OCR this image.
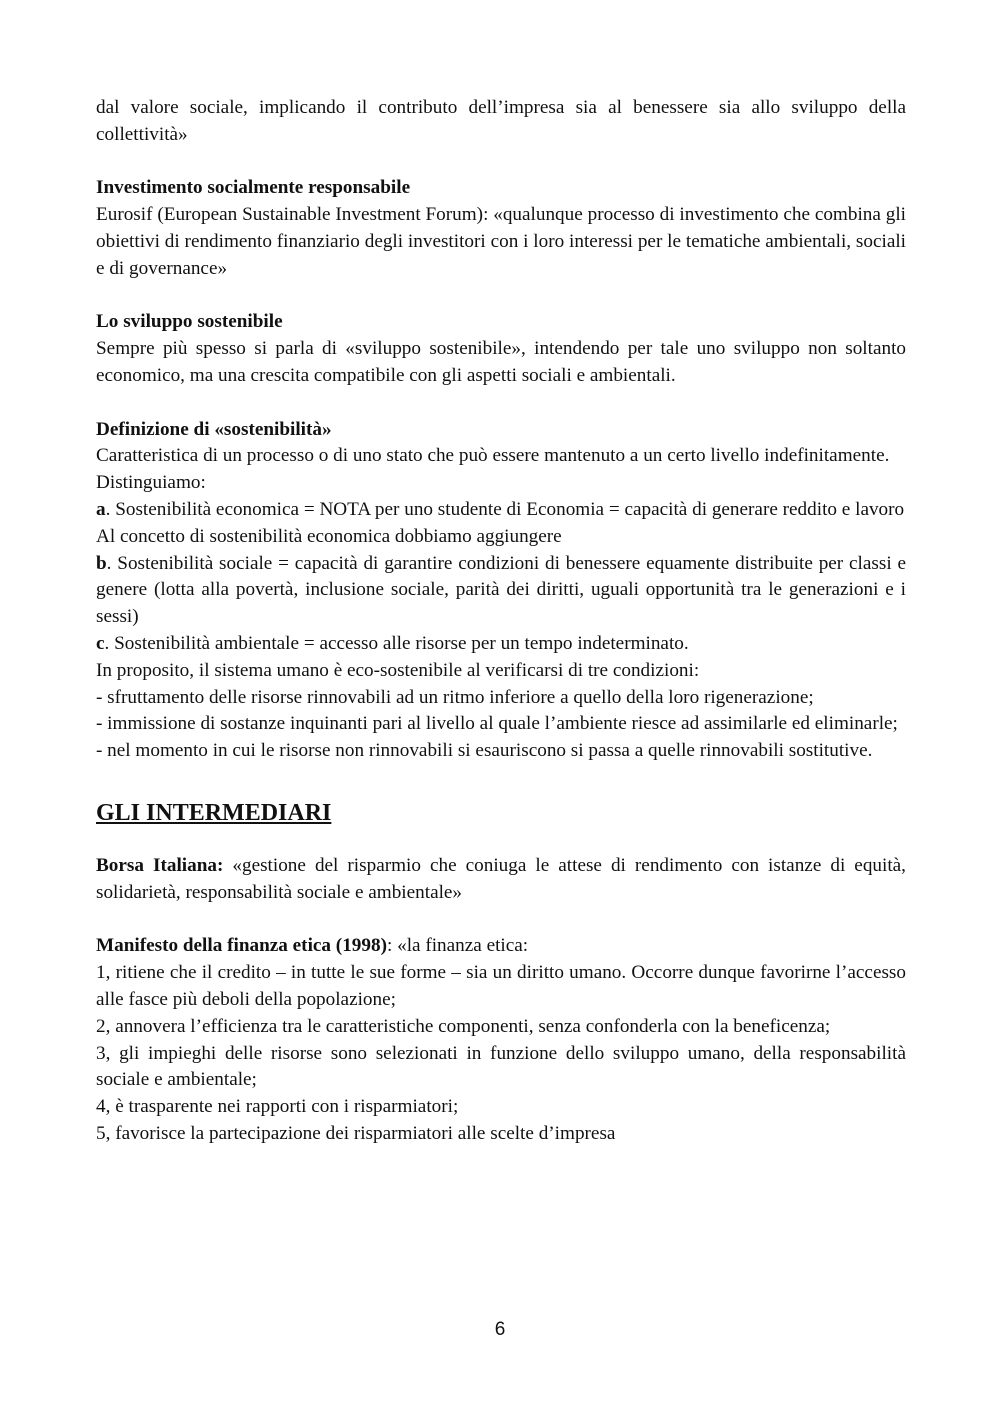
dal valore sociale, implicando il contributo dell’impresa sia al benessere sia allo sviluppo della collettività»

Investimento socialmente responsabile

Eurosif (European Sustainable Investment Forum): «qualunque processo di investimento che combina gli obiettivi di rendimento finanziario degli investitori con i loro interessi per le tematiche ambientali, sociali e di governance»

Lo sviluppo sostenibile

Sempre più spesso si parla di «sviluppo sostenibile», intendendo per tale uno sviluppo non soltanto economico, ma una crescita compatibile con gli aspetti sociali e ambientali.

Definizione di «sostenibilità»

Caratteristica di un processo o di uno stato che può essere mantenuto a un certo livello indefinitamente.

Distinguiamo:

a. Sostenibilità economica = NOTA per uno studente di Economia = capacità di generare reddito e lavoro

Al concetto di sostenibilità economica dobbiamo aggiungere

b. Sostenibilità sociale = capacità di garantire condizioni di benessere equamente distribuite per classi e genere (lotta alla povertà, inclusione sociale, parità dei diritti, uguali opportunità tra le generazioni e i sessi)

c. Sostenibilità ambientale = accesso alle risorse per un tempo indeterminato.

In proposito, il sistema umano è eco-sostenibile al verificarsi di tre condizioni:

- sfruttamento delle risorse rinnovabili ad un ritmo inferiore a quello della loro rigenerazione;

- immissione di sostanze inquinanti pari al livello al quale l’ambiente riesce ad assimilarle ed eliminarle;

- nel momento in cui le risorse non rinnovabili si esauriscono si passa a quelle rinnovabili sostitutive.

GLI INTERMEDIARI

Borsa Italiana: «gestione del risparmio che coniuga le attese di rendimento con istanze di equità, solidarietà, responsabilità sociale e ambientale»

Manifesto della finanza etica (1998): «la finanza etica:

1, ritiene che il credito – in tutte le sue forme – sia un diritto umano. Occorre dunque favorirne l’accesso alle fasce più deboli della popolazione;

2, annovera l’efficienza tra le caratteristiche componenti, senza confonderla con la beneficenza;

3, gli impieghi delle risorse sono selezionati in funzione dello sviluppo umano, della responsabilità sociale e ambientale;

4, è trasparente nei rapporti con i risparmiatori;

5, favorisce la partecipazione dei risparmiatori alle scelte d’impresa

6
